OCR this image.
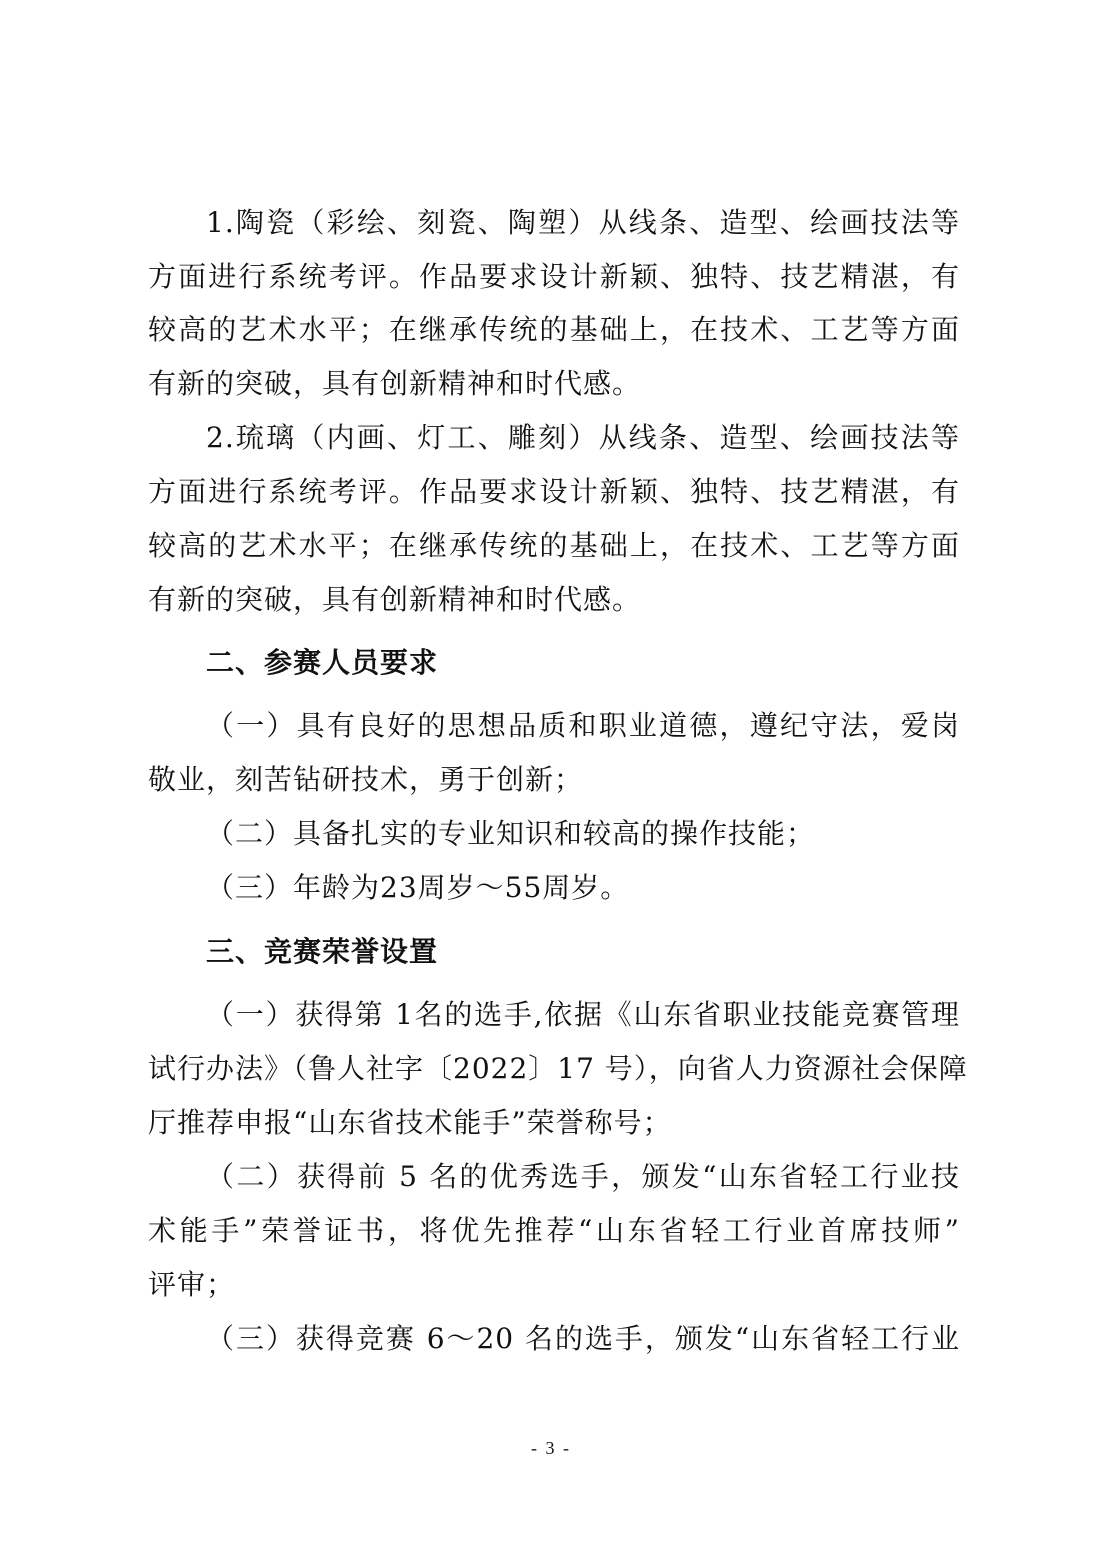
1.陶瓷（彩绘、刻瓷、陶塑）从线条、造型、绘画技法等
方面进行系统考评。作品要求设计新颖、独特、技艺精湛，有
较高的艺术水平；在继承传统的基础上，在技术、工艺等方面
有新的突破，具有创新精神和时代感。
2.琉璃（内画、灯工、雕刻）从线条、造型、绘画技法等
方面进行系统考评。作品要求设计新颖、独特、技艺精湛，有
较高的艺术水平；在继承传统的基础上，在技术、工艺等方面
有新的突破，具有创新精神和时代感。
二、参赛人员要求
（一）具有良好的思想品质和职业道德，遵纪守法，爱岗
敬业，刻苦钻研技术，勇于创新；
（二）具备扎实的专业知识和较高的操作技能；
（三）年龄为23周岁～55周岁。
三、竞赛荣誉设置
（一）获得第 1名的选手,依据《山东省职业技能竞赛管理
试行办法》（鲁人社字〔2022〕17 号），向省人力资源社会保障
厅推荐申报“山东省技术能手”荣誉称号；
（二）获得前 5 名的优秀选手，颁发“山东省轻工行业技
术能手”荣誉证书，将优先推荐“山东省轻工行业首席技师”
评审；
（三）获得竞赛 6～20 名的选手，颁发“山东省轻工行业
- 3 -
